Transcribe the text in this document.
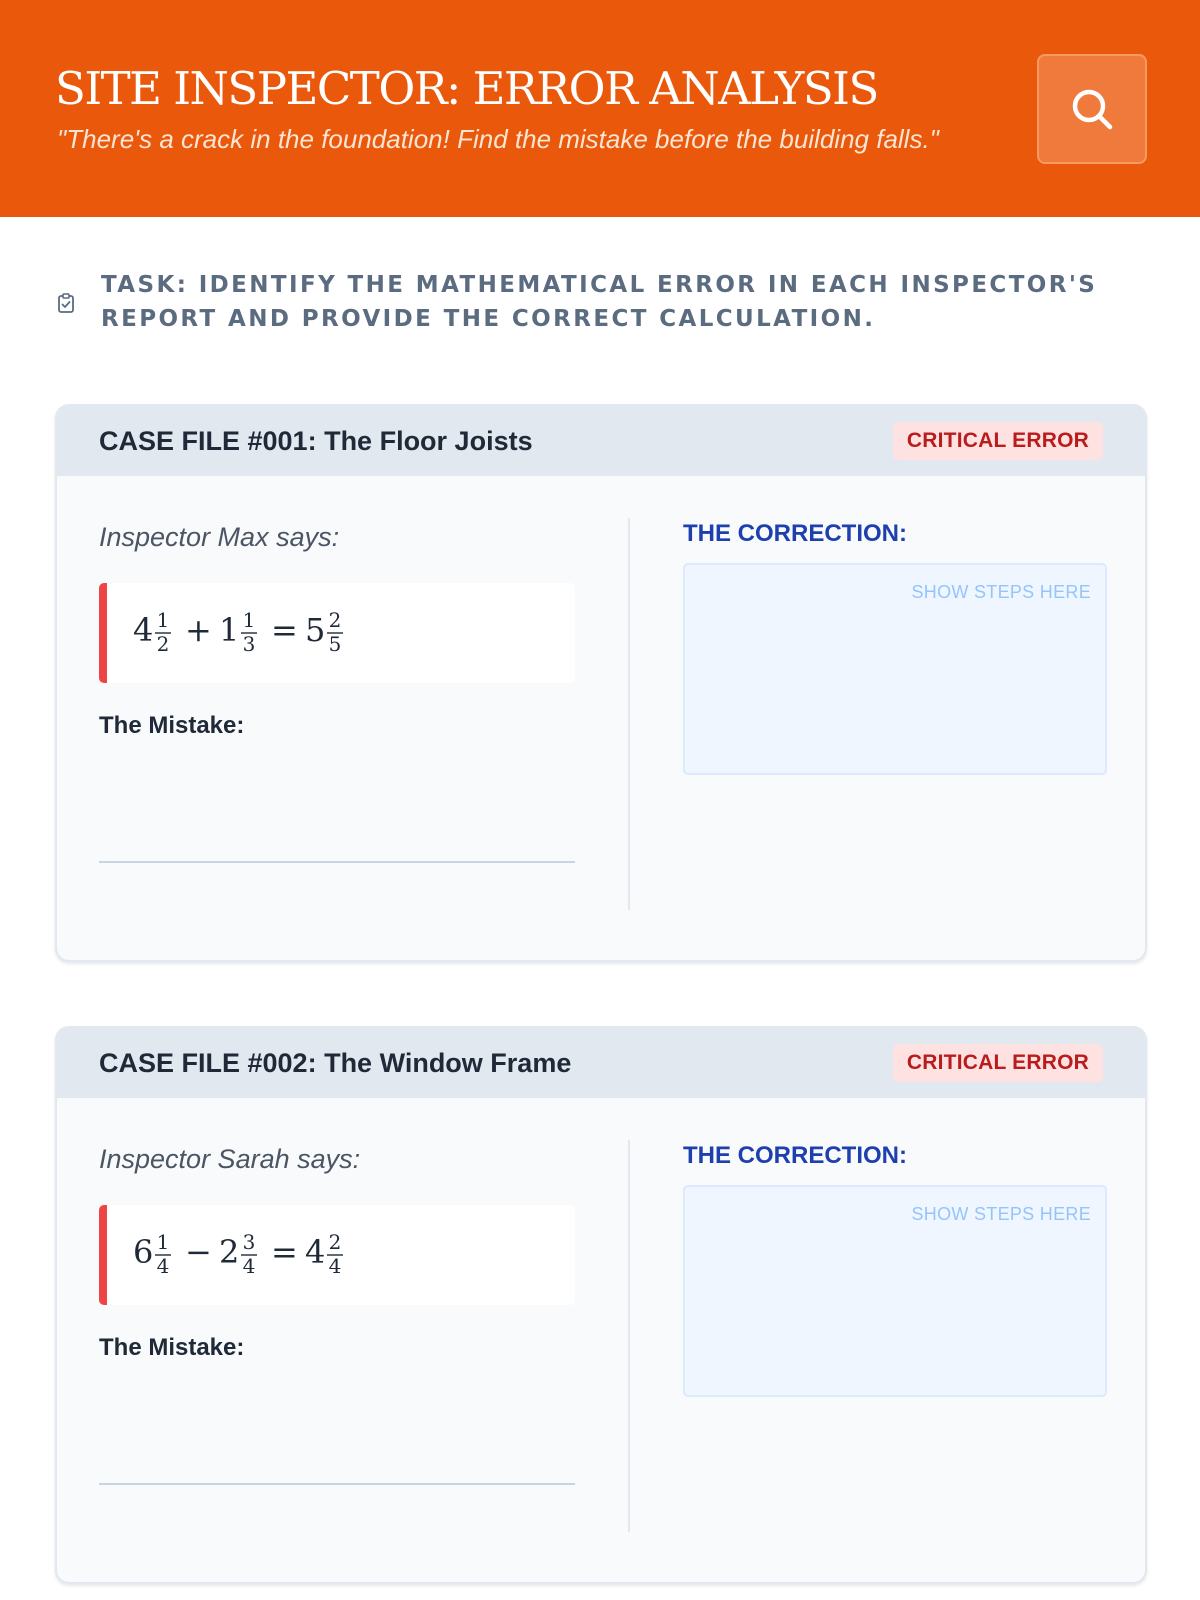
SITE INSPECTOR: ERROR ANALYSIS
"There's a crack in the foundation! Find the mistake before the building falls."
TASK: IDENTIFY THE MATHEMATICAL ERROR IN EACH INSPECTOR'S REPORT AND PROVIDE THE CORRECT CALCULATION.
CASE FILE #001: The Floor Joists	CRITICAL ERROR
Inspector Max says:
4 1
2 + 1 1
3 = 5 2
5
The Mistake:
THE CORRECTION:
SHOW STEPS HERE
CASE FILE #002: The Window Frame	CRITICAL ERROR
Inspector Sarah says:
6 1
4 − 2 3
4 = 4 2
4
The Mistake:
THE CORRECTION:
SHOW STEPS HERE
